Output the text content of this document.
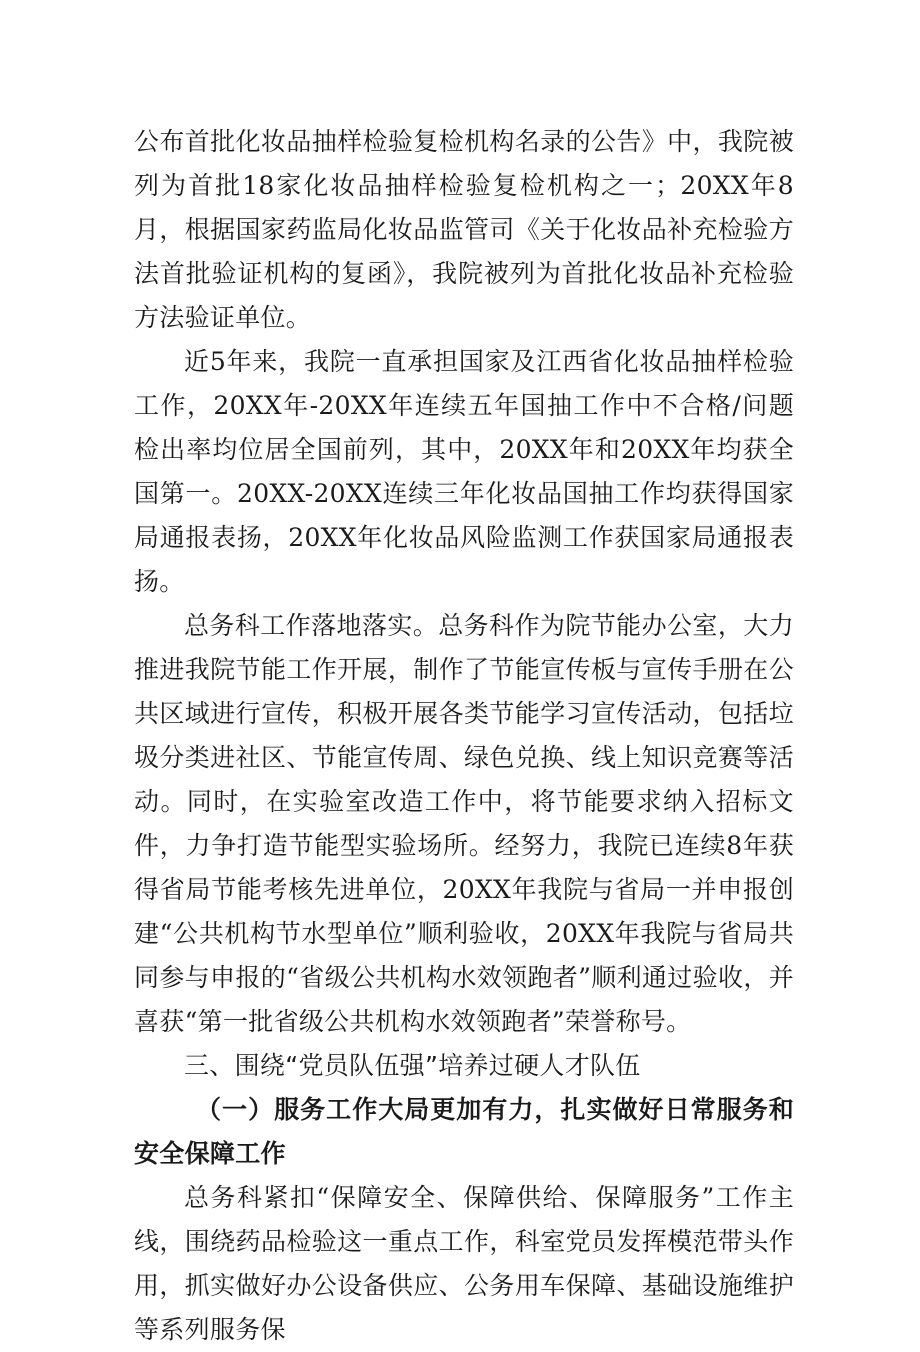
公布首批化妆品抽样检验复检机构名录的公告》中，我院被列为首批18家化妆品抽样检验复检机构之一；20XX年8月，根据国家药监局化妆品监管司《关于化妆品补充检验方法首批验证机构的复函》，我院被列为首批化妆品补充检验方法验证单位。

近5年来，我院一直承担国家及江西省化妆品抽样检验工作，20XX年-20XX年连续五年国抽工作中不合格/问题检出率均位居全国前列，其中，20XX年和20XX年均获全国第一。20XX-20XX连续三年化妆品国抽工作均获得国家局通报表扬，20XX年化妆品风险监测工作获国家局通报表扬。

总务科工作落地落实。总务科作为院节能办公室，大力推进我院节能工作开展，制作了节能宣传板与宣传手册在公共区域进行宣传，积极开展各类节能学习宣传活动，包括垃圾分类进社区、节能宣传周、绿色兑换、线上知识竞赛等活动。同时，在实验室改造工作中，将节能要求纳入招标文件，力争打造节能型实验场所。经努力，我院已连续8年获得省局节能考核先进单位，20XX年我院与省局一并申报创建“公共机构节水型单位”顺利验收，20XX年我院与省局共同参与申报的“省级公共机构水效领跑者”顺利通过验收，并喜获“第一批省级公共机构水效领跑者”荣誉称号。

三、围绕“党员队伍强”培养过硬人才队伍
（一）服务工作大局更加有力，扎实做好日常服务和安全保障工作

总务科紧扣“保障安全、保障供给、保障服务”工作主线，围绕药品检验这一重点工作，科室党员发挥模范带头作用，抓实做好办公设备供应、公务用车保障、基础设施维护等系列服务保
